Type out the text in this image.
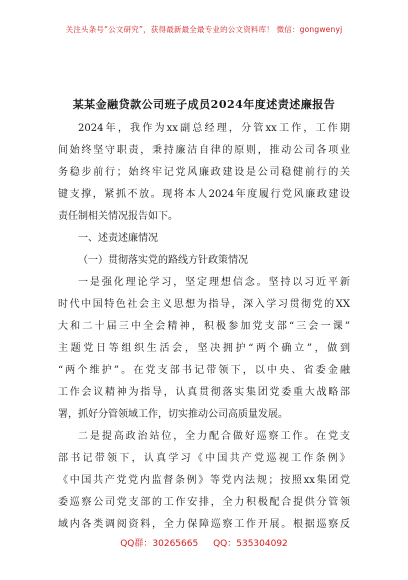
关注头条号“公文研究”，获得最新最全最专业的公文资料库！ 微信：gongwenyj
某某金融贷款公司班子成员2024年度述责述廉报告
2024年，我作为xx副总经理，分管xx工作，工作期
间始终坚守职责，秉持廉洁自律的原则，推动公司各项业
务稳步前行；始终牢记党风廉政建设是公司稳健前行的关
键支撑，紧抓不放。现将本人2024年度履行党风廉政建设
责任制相关情况报告如下。
一、述责述廉情况
（一）贯彻落实党的路线方针政策情况
一是强化理论学习，坚定理想信念。坚持以习近平新
时代中国特色社会主义思想为指导，深入学习贯彻党的XX
大和二十届三中全会精神，积极参加党支部“三会一课”
主题党日等组织生活会，坚决拥护“两个确立”，做到
“两个维护”。在党支部书记带领下，以中央、省委金融
工作会议精神为指导，认真贯彻落实集团党委重大战略部
署，抓好分管领域工作，切实推动公司高质量发展。
二是提高政治站位，全力配合做好巡察工作。在党支
部书记带领下，认真学习《中国共产党巡视工作条例》
《中国共产党党内监督条例》等党内法规；按照xx集团党
委巡察公司党支部的工作安排，全力积极配合提供分管领
域内各类调阅资料，全力保障巡察工作开展。根据巡察反
QQ群：30265665 QQ：535304092
